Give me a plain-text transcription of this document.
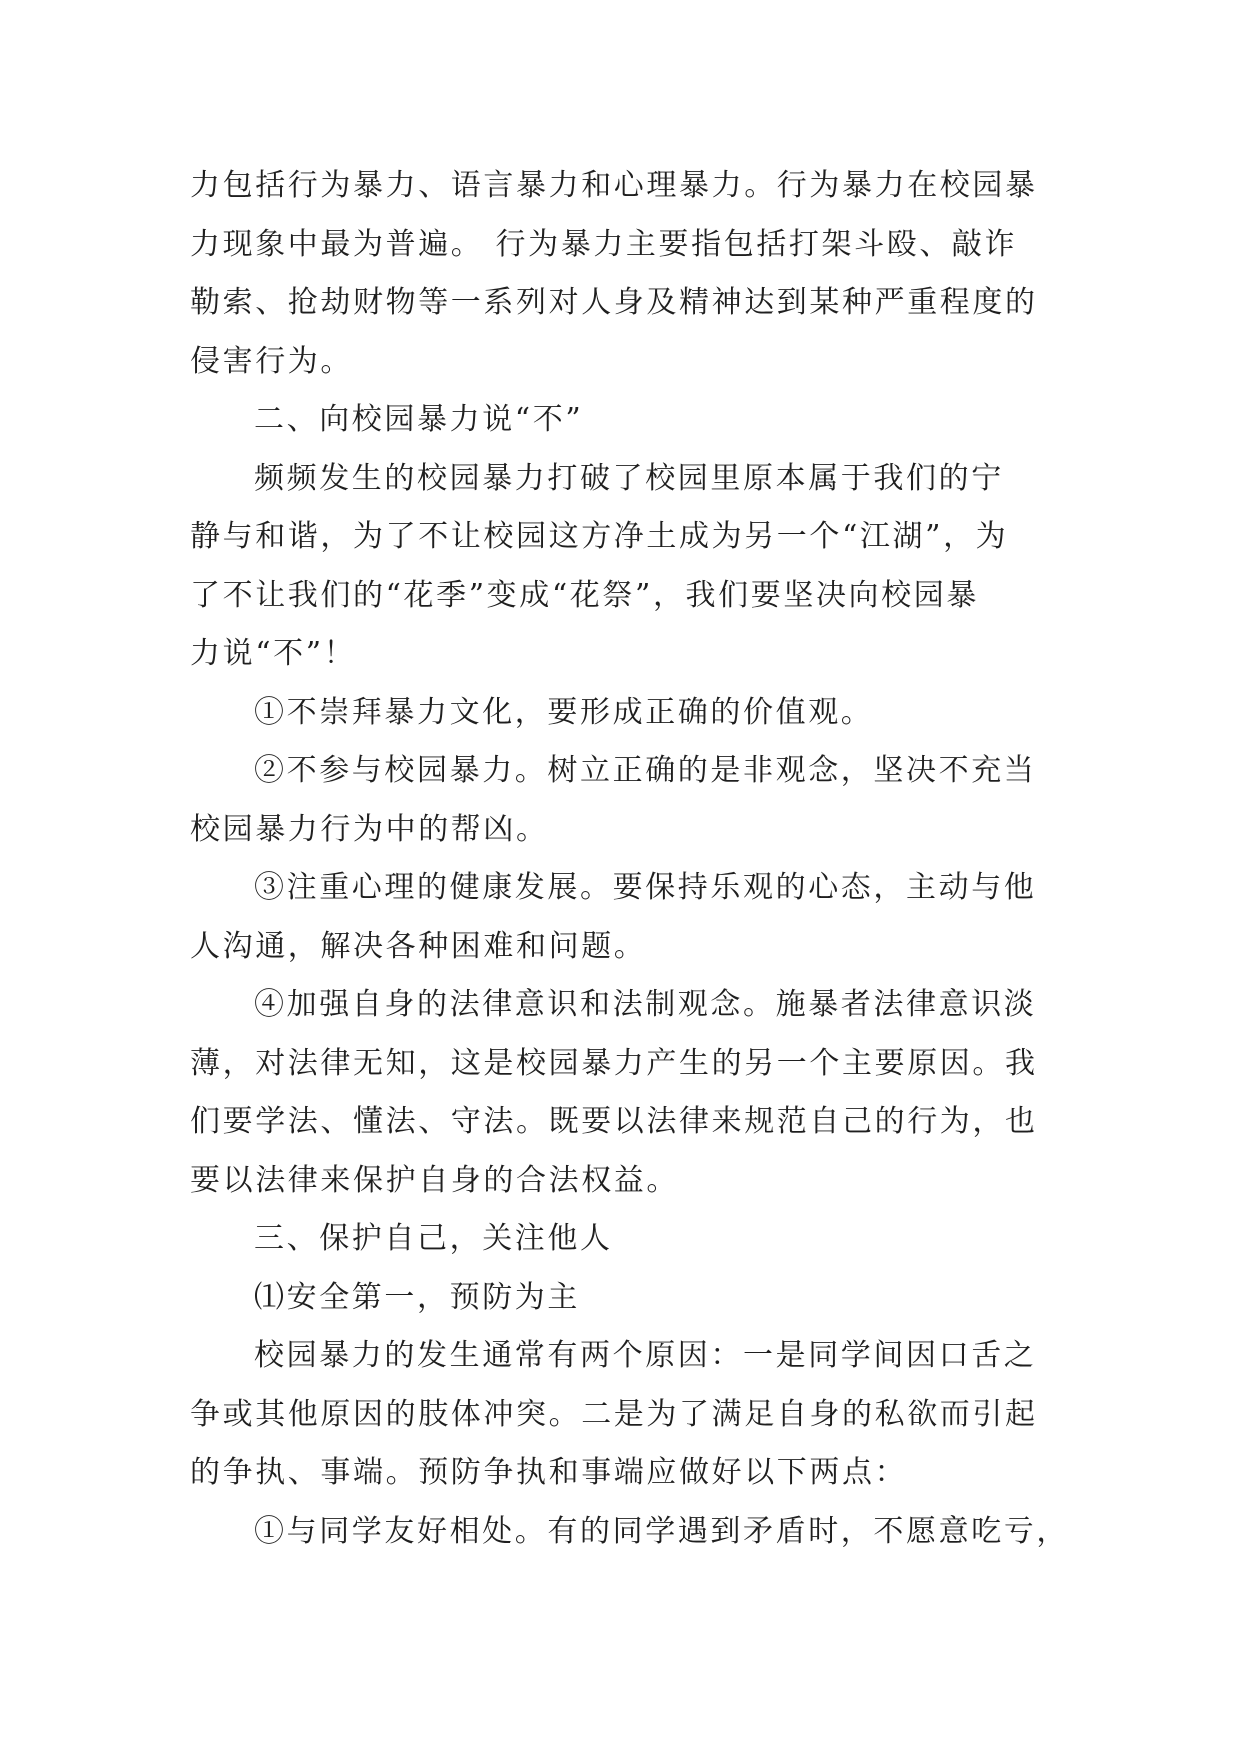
力包括行为暴力、语言暴力和心理暴力。行为暴力在校园暴
力现象中最为普遍。 行为暴力主要指包括打架斗殴、敲诈
勒索、抢劫财物等一系列对人身及精神达到某种严重程度的
侵害行为。
二、向校园暴力说“不”
频频发生的校园暴力打破了校园里原本属于我们的宁
静与和谐，为了不让校园这方净土成为另一个“江湖”，为
了不让我们的“花季”变成“花祭”，我们要坚决向校园暴
力说“不”！
①不崇拜暴力文化，要形成正确的价值观。
②不参与校园暴力。树立正确的是非观念，坚决不充当
校园暴力行为中的帮凶。
③注重心理的健康发展。要保持乐观的心态，主动与他
人沟通，解决各种困难和问题。
④加强自身的法律意识和法制观念。施暴者法律意识淡
薄，对法律无知，这是校园暴力产生的另一个主要原因。我
们要学法、懂法、守法。既要以法律来规范自己的行为，也
要以法律来保护自身的合法权益。
三、保护自己，关注他人
⑴安全第一，预防为主
校园暴力的发生通常有两个原因：一是同学间因口舌之
争或其他原因的肢体冲突。二是为了满足自身的私欲而引起
的争执、事端。预防争执和事端应做好以下两点：
①与同学友好相处。有的同学遇到矛盾时，不愿意吃亏，
